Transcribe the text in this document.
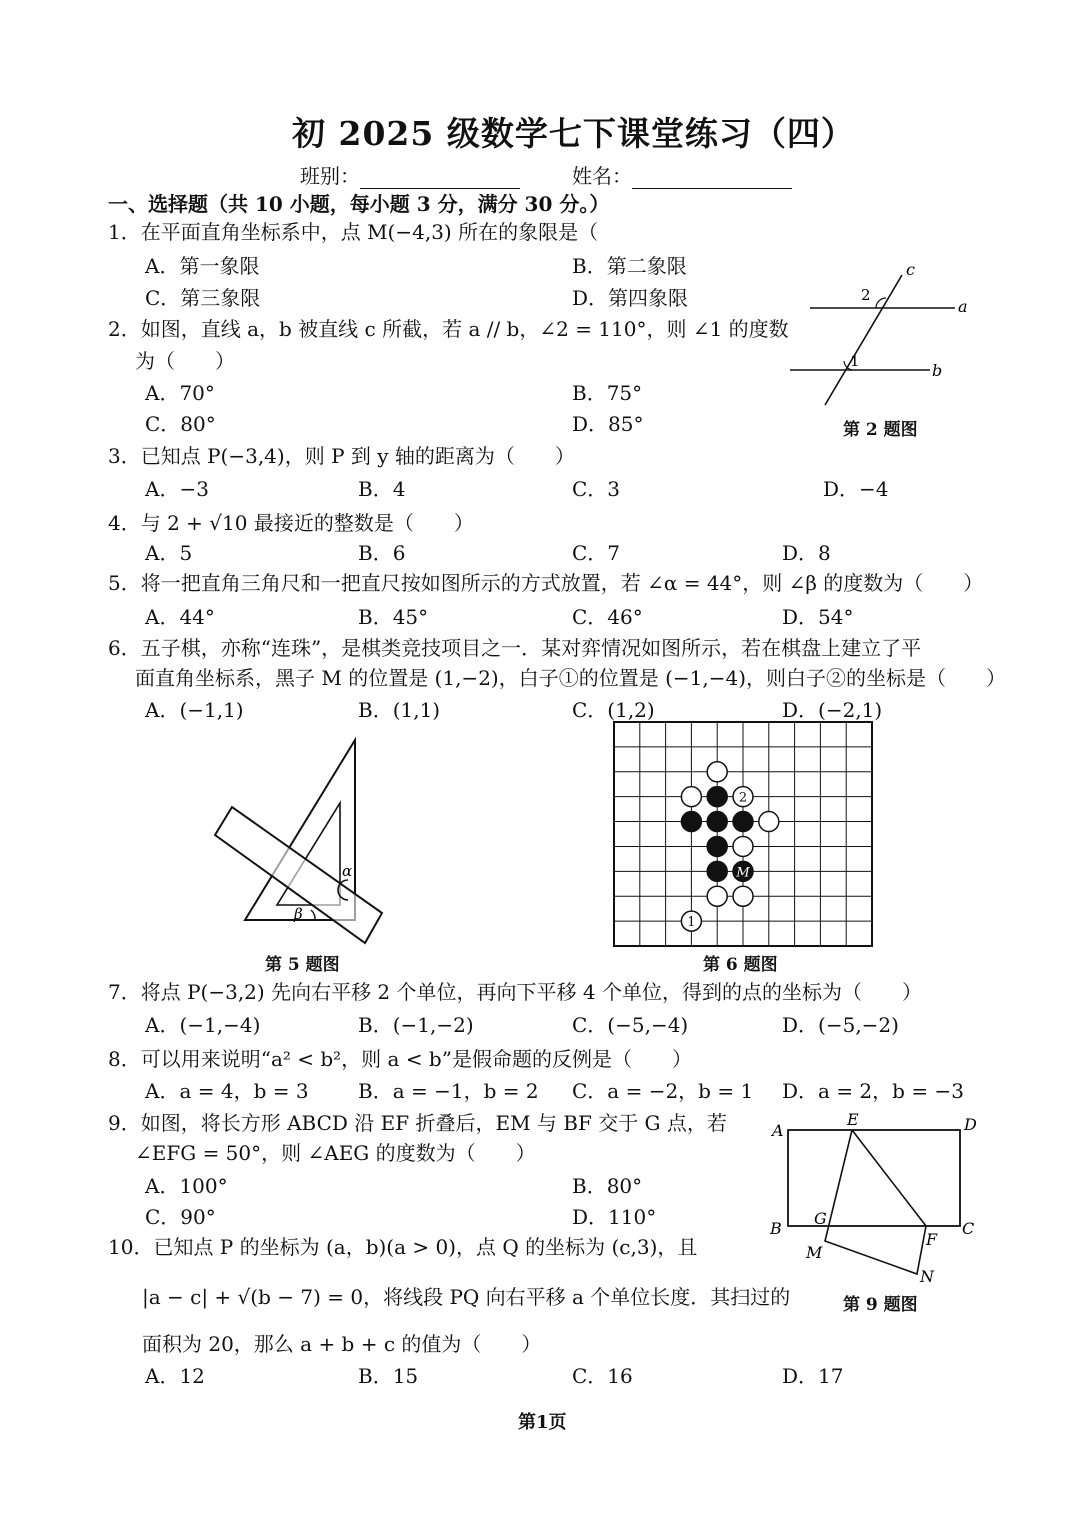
初 2025 级数学七下课堂练习（四）
班别：	姓名：
一、选择题（共 10 小题，每小题 3 分，满分 30 分。）
1．在平面直角坐标系中，点 M(−4,3) 所在的象限是（
A．第一象限	B．第二象限
C．第三象限	D．第四象限
2．如图，直线 a，b 被直线 c 所截，若 a // b，∠2 = 110°，则 ∠1 的度数
为（　　）
A．70°	B．75°
C．80°	D．85°
c
a
b
2
1
第 2 题图
3．已知点 P(−3,4)，则 P 到 y 轴的距离为（　　）
A．−3	B．4	C．3	D．−4
4．与 2 + √10 最接近的整数是（　　）
A．5	B．6	C．7	D．8
5．将一把直角三角尺和一把直尺按如图所示的方式放置，若 ∠α = 44°，则 ∠β 的度数为（　　）
A．44°	B．45°	C．46°	D．54°
6．五子棋，亦称“连珠”，是棋类竞技项目之一．某对弈情况如图所示，若在棋盘上建立了平
面直角坐标系，黑子 M 的位置是 (1,−2)，白子①的位置是 (−1,−4)，则白子②的坐标是（　　）
A．(−1,1)	B．(1,1)	C．(1,2)	D．(−2,1)
α
β
第 5 题图
2
1
M
第 6 题图
7．将点 P(−3,2) 先向右平移 2 个单位，再向下平移 4 个单位，得到的点的坐标为（　　）
A．(−1,−4)	B．(−1,−2)	C．(−5,−4)	D．(−5,−2)
8．可以用来说明“a² < b²，则 a < b”是假命题的反例是（　　）
A．a = 4，b = 3 B．a = −1，b = 2 C．a = −2，b = 1 D．a = 2，b = −3
9．如图，将长方形 ABCD 沿 EF 折叠后，EM 与 BF 交于 G 点，若
∠EFG = 50°，则 ∠AEG 的度数为（　　）
A．100°	B．80°
C．90°	D．110°
A
E	D
B
G
C
M
F
N
第 9 题图
10．已知点 P 的坐标为 (a，b)(a > 0)，点 Q 的坐标为 (c,3)，且
|a − c| + √(b − 7) = 0，将线段 PQ 向右平移 a 个单位长度．其扫过的
面积为 20，那么 a + b + c 的值为（　　）
A．12	B．15	C．16	D．17
第1页
